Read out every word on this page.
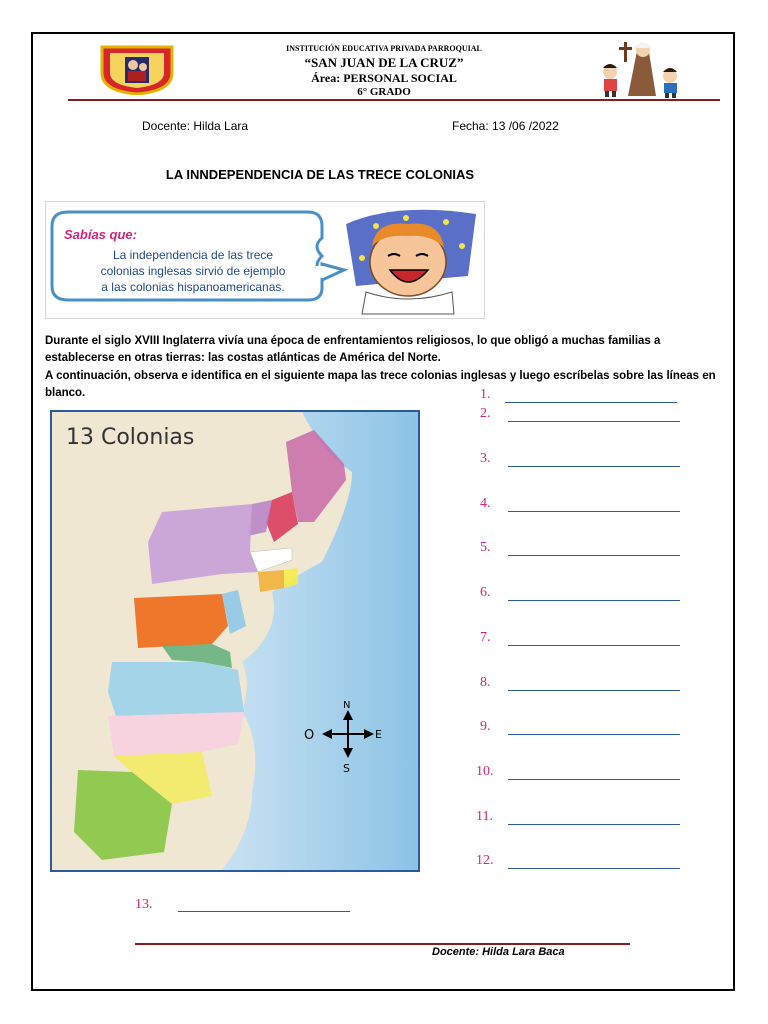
INSTITUCIÓN EDUCATIVA PRIVADA PARROQUIAL
“SAN JUAN DE LA CRUZ”
Área: PERSONAL SOCIAL
6° GRADO
Docente: Hilda Lara	Fecha: 13 /06 /2022
LA INNDEPENDENCIA DE LAS TRECE COLONIAS
Sabías que:
La independencia de las trece
colonias inglesas sirvió de ejemplo
a las colonias hispanoamericanas.
Durante el siglo XVIII Inglaterra vivía una época de enfrentamientos religiosos, lo que obligó a muchas familias a
establecerse en otras tierras: las costas atlánticas de América del Norte.
A continuación, observa e identifica en el siguiente mapa las trece colonias inglesas y luego escríbelas sobre las líneas en
blanco.
13 Colonias
N
S
E
O
1.
2.
3.
4.
5.
6.
7.
8.
9.
10.
11.
12.
13.
Docente: Hilda Lara Baca
